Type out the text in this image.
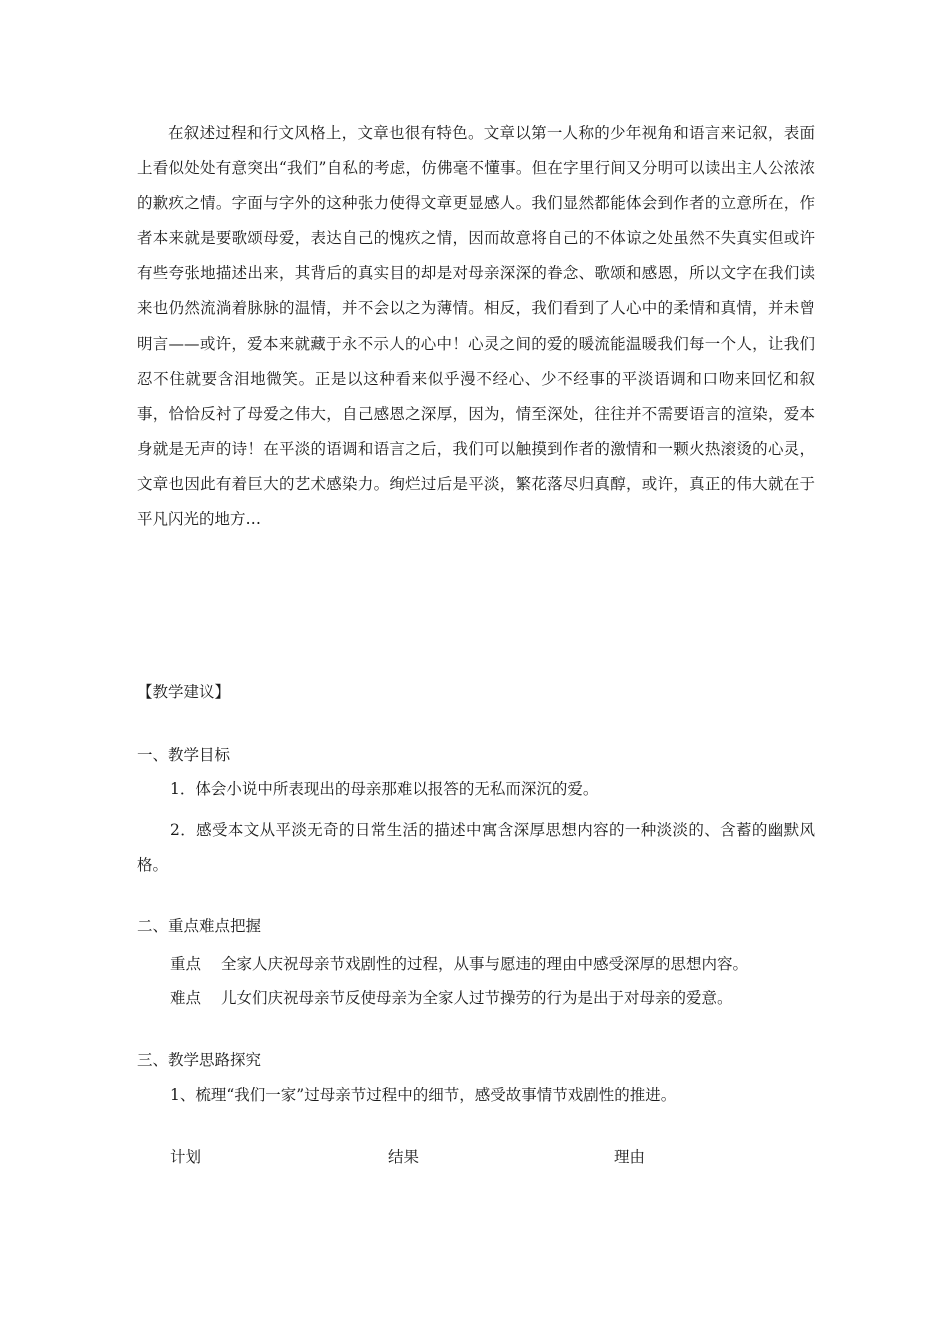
在叙述过程和行文风格上，文章也很有特色。文章以第一人称的少年视角和语言来记叙，表面上看似处处有意突出“我们”自私的考虑，仿佛毫不懂事。但在字里行间又分明可以读出主人公浓浓的歉疚之情。字面与字外的这种张力使得文章更显感人。我们显然都能体会到作者的立意所在，作者本来就是要歌颂母爱，表达自己的愧疚之情，因而故意将自己的不体谅之处虽然不失真实但或许有些夸张地描述出来，其背后的真实目的却是对母亲深深的眷念、歌颂和感恩，所以文字在我们读来也仍然流淌着脉脉的温情，并不会以之为薄情。相反，我们看到了人心中的柔情和真情，并未曾明言——或许，爱本来就藏于永不示人的心中！心灵之间的爱的暖流能温暖我们每一个人，让我们忍不住就要含泪地微笑。正是以这种看来似乎漫不经心、少不经事的平淡语调和口吻来回忆和叙事，恰恰反衬了母爱之伟大，自己感恩之深厚，因为，情至深处，往往并不需要语言的渲染，爱本身就是无声的诗！在平淡的语调和语言之后，我们可以触摸到作者的激情和一颗火热滚烫的心灵，文章也因此有着巨大的艺术感染力。绚烂过后是平淡，繁花落尽归真醇，或许，真正的伟大就在于平凡闪光的地方…

【教学建议】

一、教学目标

1．体会小说中所表现出的母亲那难以报答的无私而深沉的爱。

2．感受本文从平淡无奇的日常生活的描述中寓含深厚思想内容的一种淡淡的、含蓄的幽默风格。

二、重点难点把握

重点 全家人庆祝母亲节戏剧性的过程，从事与愿违的理由中感受深厚的思想内容。

难点 儿女们庆祝母亲节反使母亲为全家人过节操劳的行为是出于对母亲的爱意。

三、教学思路探究

1、梳理“我们一家”过母亲节过程中的细节，感受故事情节戏剧性的推进。

计划	结果	理由
